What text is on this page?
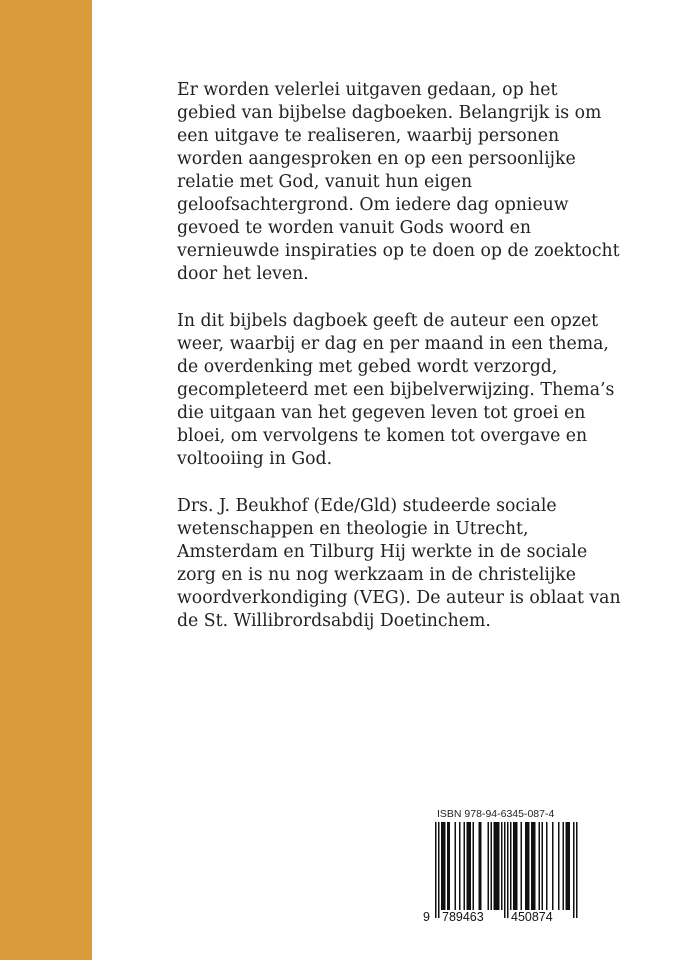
Er worden velerlei uitgaven gedaan, op het gebied van bijbelse dagboeken. Belangrijk is om een uitgave te realiseren, waarbij personen worden aangesproken en op een persoonlijke relatie met God, vanuit hun eigen geloofsachtergrond. Om iedere dag opnieuw gevoed te worden vanuit Gods woord en vernieuwde inspiraties op te doen op de zoektocht door het leven.

In dit bijbels dagboek geeft de auteur een opzet weer, waarbij er dag en per maand in een thema, de overdenking met gebed wordt verzorgd, gecompleteerd met een bijbelverwijzing. Thema’s die uitgaan van het gegeven leven tot groei en bloei, om vervolgens te komen tot overgave en voltooiing in God.

Drs. J. Beukhof (Ede/Gld) studeerde sociale wetenschappen en theologie in Utrecht, Amsterdam en Tilburg Hij werkte in de sociale zorg en is nu nog werkzaam in de christelijke woordverkondiging (VEG). De auteur is oblaat van de St. Willibrordsabdij Doetinchem.

ISBN 978-94-6345-087-4
9 789463 450874
